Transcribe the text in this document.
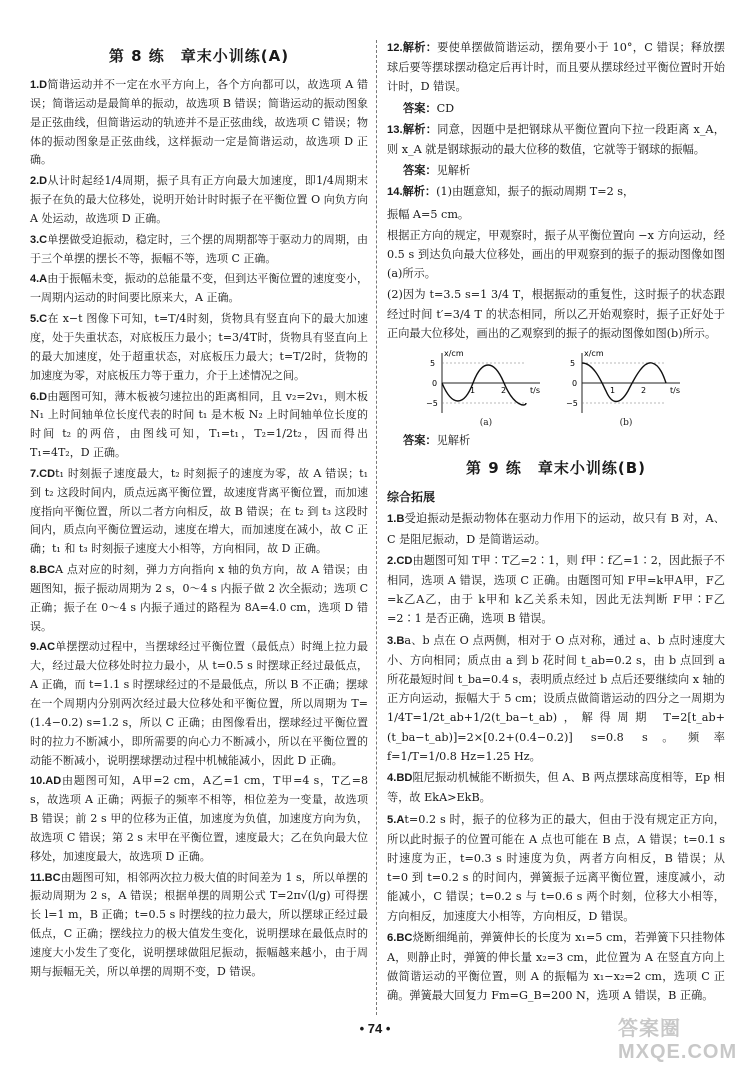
第 8 练　章末小训练(A)
1.D简谐运动并不一定在水平方向上，各个方向都可以，故选项 A 错误；简谐运动是最简单的振动，故选项 B 错误；简谐运动的振动图象是正弦曲线，但简谐运动的轨迹并不是正弦曲线，故选项 C 错误；物体的振动图象是正弦曲线，这样振动一定是简谐运动，故选项 D 正确。
2.D从计时起经1/4周期，振子具有正方向最大加速度，即1/4周期末振子在负的最大位移处，说明开始计时时振子在平衡位置 O 向负方向 A 处运动，故选项 D 正确。
3.C单摆做受迫振动，稳定时，三个摆的周期都等于驱动力的周期，由于三个单摆的摆长不等，振幅不等，选项 C 正确。
4.A由于振幅未变，振动的总能量不变，但到达平衡位置的速度变小，一周期内运动的时间要比原来大，A 正确。
5.C在 x−t 图像下可知，t=T/4时刻，货物具有竖直向下的最大加速度，处于失重状态，对底板压力最小；t=3/4T时，货物具有竖直向上的最大加速度，处于超重状态，对底板压力最大；t=T/2时，货物的加速度为零，对底板压力等于重力，介于上述情况之间。
6.D由题图可知，薄木板被匀速拉出的距离相同，且 v₂=2v₁，则木板 N₁ 上时间轴单位长度代表的时间 t₁ 是木板 N₂ 上时间轴单位长度的时间 t₂ 的两倍，由图线可知，T₁=t₁，T₂=1/2t₂，因而得出 T₁=4T₂，D 正确。
7.CDt₁ 时刻振子速度最大，t₂ 时刻振子的速度为零，故 A 错误；t₁ 到 t₂ 这段时间内，质点远离平衡位置，故速度背离平衡位置，而加速度指向平衡位置，所以二者方向相反，故 B 错误；在 t₂ 到 t₃ 这段时间内，质点向平衡位置运动，速度在增大，而加速度在减小，故 C 正确；t₁ 和 t₃ 时刻振子速度大小相等，方向相同，故 D 正确。
8.BCA 点对应的时刻，弹力方向指向 x 轴的负方向，故 A 错误；由题图知，振子振动周期为 2 s，0～4 s 内振子做 2 次全振动；选项 C 正确；振子在 0～4 s 内振子通过的路程为 8A=4.0 cm，选项 D 错误。
9.AC单摆摆动过程中，当摆球经过平衡位置（最低点）时绳上拉力最大，经过最大位移处时拉力最小，从 t=0.5 s 时摆球正经过最低点，A 正确，而 t=1.1 s 时摆球经过的不是最低点，所以 B 不正确；摆球在一个周期内分别两次经过最大位移处和平衡位置，所以周期为 T=(1.4−0.2) s=1.2 s，所以 C 正确；由图像看出，摆球经过平衡位置时的拉力不断减小，即所需要的向心力不断减小，所以在平衡位置的动能不断减小，说明摆球摆动过程中机械能减小，因此 D 正确。
10.AD由题图可知，A甲=2 cm，A乙=1 cm，T甲=4 s，T乙=8 s，故选项 A 正确；两振子的频率不相等，相位差为一变量，故选项 B 错误；前 2 s 甲的位移为正值，加速度为负值，加速度方向为负，故选项 C 错误；第 2 s 末甲在平衡位置，速度最大；乙在负向最大位移处，加速度最大，故选项 D 正确。
11.BC由题图可知，相邻两次拉力极大值的时间差为 1 s，所以单摆的振动周期为 2 s，A 错误；根据单摆的周期公式 T=2π√(l/g) 可得摆长 l=1 m，B 正确；t=0.5 s 时摆线的拉力最大，所以摆球正经过最低点，C 正确；摆线拉力的极大值发生变化，说明摆球在最低点时的速度大小发生了变化，说明摆球做阻尼振动，振幅越来越小，由于周期与振幅无关，所以单摆的周期不变，D 错误。
12.解析：要使单摆做简谐运动，摆角要小于 10°，C 错误；释放摆球后要等摆球摆动稳定后再计时，而且要从摆球经过平衡位置时开始计时，D 错误。
答案：CD
13.解析：同意，因题中是把钢球从平衡位置向下拉一段距离 x_A，则 x_A 就是钢球振动的最大位移的数值，它就等于钢球的振幅。
答案：见解析
14.解析：(1)由题意知，振子的振动周期 T=2 s，
振幅 A=5 cm。
根据正方向的规定，甲观察时，振子从平衡位置向 −x 方向运动，经 0.5 s 到达负向最大位移处，画出的甲观察到的振子的振动图像如图(a)所示。
(2)因为 t=3.5 s=1 3/4 T，根据振动的重复性，这时振子的状态跟经过时间 t′=3/4 T 的状态相同，所以乙开始观察时，振子正好处于正向最大位移处，画出的乙观察到的振子的振动图像如图(b)所示。
x/cm
t/s
5
0
−5
1	2
(a)
x/cm
t/s
5
0
−5
1	2
(b)
答案：见解析
第 9 练　章末小训练(B)
综合拓展
1.B受迫振动是振动物体在驱动力作用下的运动，故只有 B 对，A、C 是阻尼振动，D 是简谐运动。
2.CD由题图可知 T甲∶T乙=2∶1，则 f甲∶f乙=1∶2，因此振子不相同，选项 A 错误，选项 C 正确。由题图可知 F甲=k甲A甲，F乙=k乙A乙，由于 k甲和 k乙关系未知，因此无法判断 F甲∶F乙=2∶1 是否正确，选项 B 错误。
3.Ba、b 点在 O 点两侧，相对于 O 点对称，通过 a、b 点时速度大小、方向相同；质点由 a 到 b 花时间 t_ab=0.2 s，由 b 点回到 a 所花最短时间 t_ba=0.4 s，表明质点经过 b 点后还要继续向 x 轴的正方向运动，振幅大于 5 cm；设质点做简谐运动的四分之一周期为1/4T=1/2t_ab+1/2(t_ba−t_ab)，解得周期 T=2[t_ab+(t_ba−t_ab)]=2×[0.2+(0.4−0.2)] s=0.8 s。频率 f=1/T=1/0.8 Hz=1.25 Hz。
4.BD阻尼振动机械能不断损失，但 A、B 两点摆球高度相等，Ep 相等，故 EkA>EkB。
5.At=0.2 s 时，振子的位移为正的最大，但由于没有规定正方向，所以此时振子的位置可能在 A 点也可能在 B 点，A 错误；t=0.1 s 时速度为正，t=0.3 s 时速度为负，两者方向相反，B 错误；从 t=0 到 t=0.2 s 的时间内，弹簧振子远离平衡位置，速度减小，动能减小，C 错误；t=0.2 s 与 t=0.6 s 两个时刻，位移大小相等，方向相反，加速度大小相等，方向相反，D 错误。
6.BC烧断细绳前，弹簧伸长的长度为 x₁=5 cm，若弹簧下只挂物体 A，则静止时，弹簧的伸长量 x₂=3 cm，此位置为 A 在竖直方向上做简谐运动的平衡位置，则 A 的振幅为 x₁−x₂=2 cm，选项 C 正确。弹簧最大回复力 Fm=G_B=200 N，选项 A 错误，B 正确。
• 74 •	答案圈 MXQE.COM
